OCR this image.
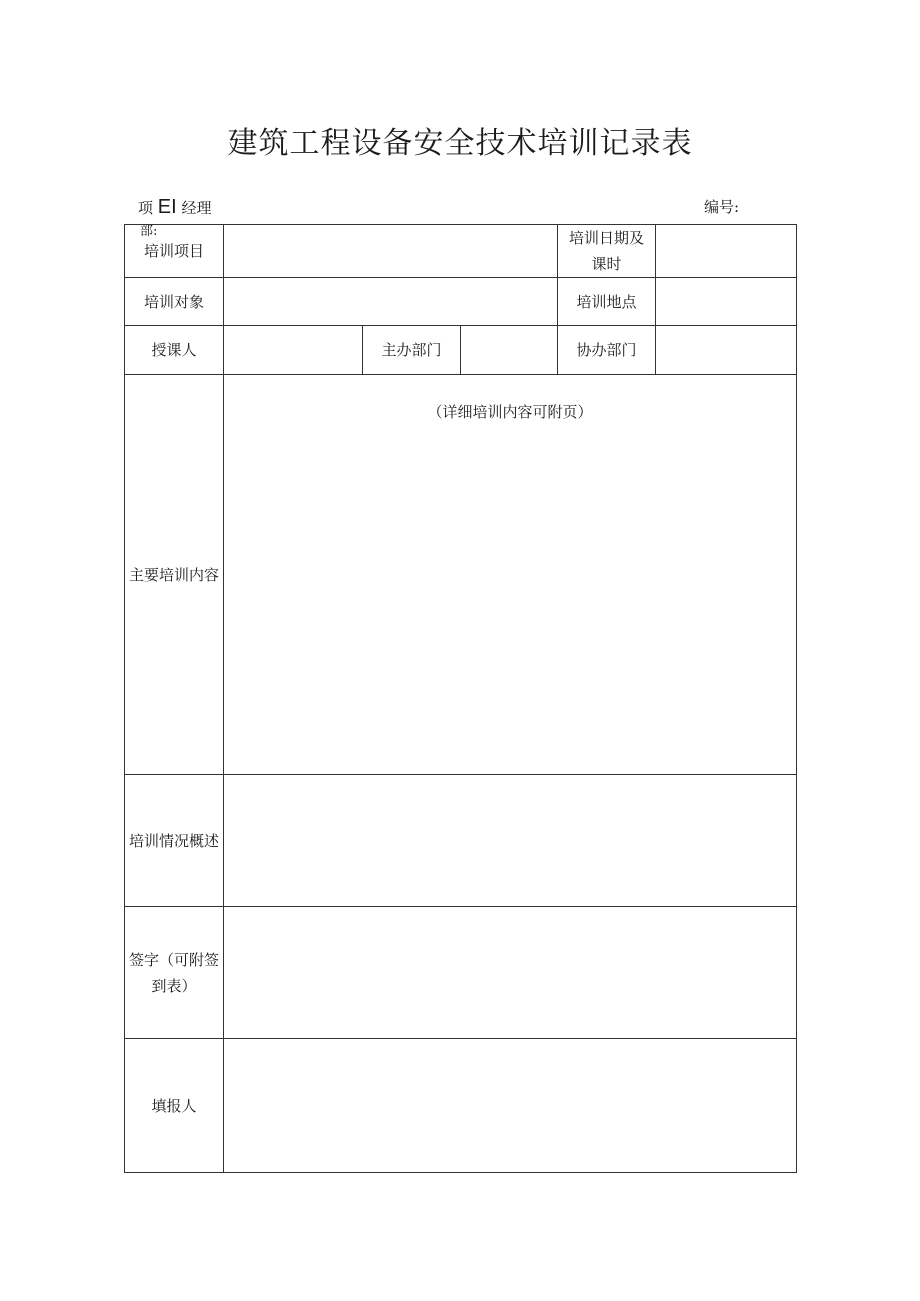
建筑工程设备安全技术培训记录表
项 EI 经理
部:
编号:
培训项目				培训日期及课时	
培训对象				培训地点	
授课人		主办部门		协办部门	
主要培训内容	（详细培训内容可附页）				
培训情况概述					
签字（可附签到表）					
填报人					
